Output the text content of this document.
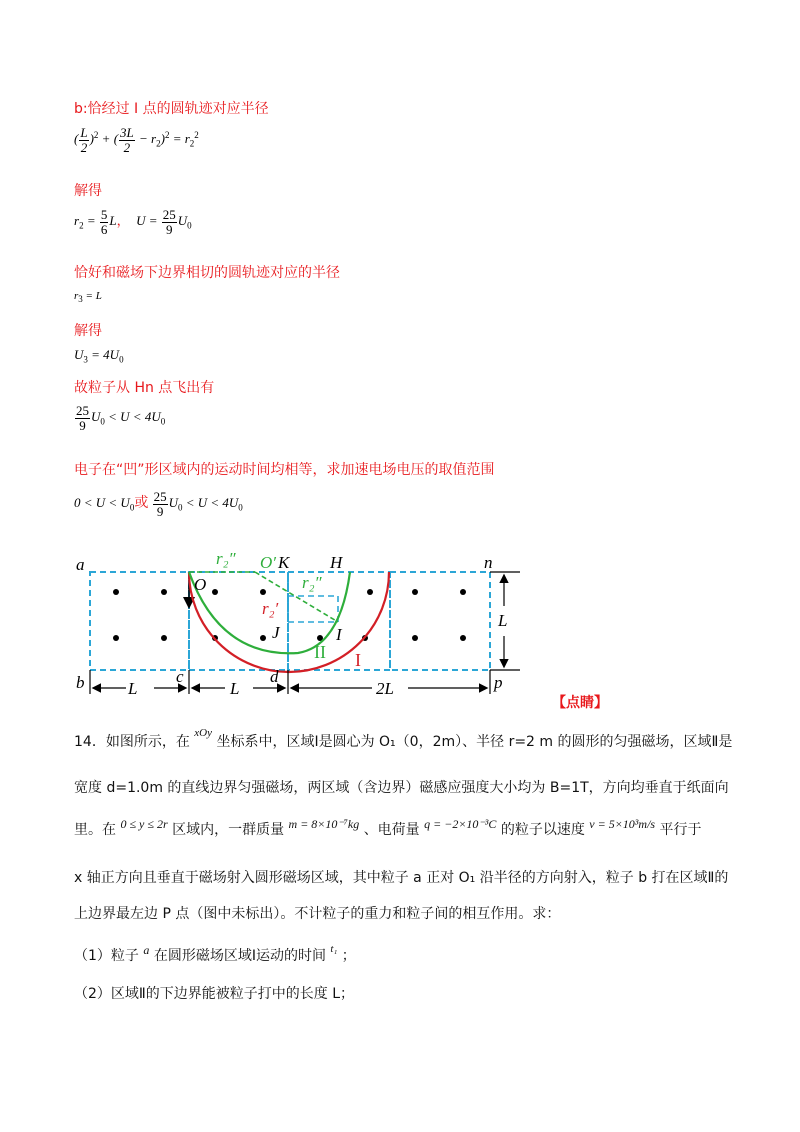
b:恰经过 I 点的圆轨迹对应半径
( $\frac{L}{2} )^2$ + ( $\frac{3L}{2} - r_2)^2 = r_2^2$
解得
$r_2 = \frac{5}{6}$ L，  $U = \frac{25}{9} U_0$
恰好和磁场下边界相切的圆轨迹对应的半径
$r_3 = L$
解得
$U_3 = 4U_0$
故粒子从 Hn 点飞出有
$\frac{25}{9} U_0 < U < 4U_0$
电子在“凹”形区域内的运动时间均相等，求加速电场电压的取值范围
$0 < U < U_0$或 $\frac{25}{9} U_0 < U < 4U_0$
a
b	c	d
n
p
O
O′ K H
J	I
r₂″
r₂″
r₂′
L	L	2L
L
II I
【点睛】
14．如图所示，在 $^{xOy}$ 坐标系中，区域Ⅰ是圆心为 O₁（0，2m）、半径 r=2 m 的圆形的匀强磁场，区域Ⅱ是
宽度 d=1.0m 的直线边界匀强磁场，两区域（含边界）磁感应强度大小均为 B=1T，方向均垂直于纸面向
里。在 0 ≤ y ≤ 2r 区域内，一群质量 m = 8×10⁻⁷kg 、电荷量 q = −2×10⁻³C 的粒子以速度 v = 5×10³m/s 平行于
x 轴正方向且垂直于磁场射入圆形磁场区域，其中粒子 a 正对 O₁ 沿半径的方向射入，粒子 b 打在区域Ⅱ的
上边界最左边 P 点（图中未标出）。不计粒子的重力和粒子间的相互作用。求：
（1）粒子 a 在圆形磁场区域Ⅰ运动的时间 $^{t_1}$ ；
（2）区域Ⅱ的下边界能被粒子打中的长度 L；
